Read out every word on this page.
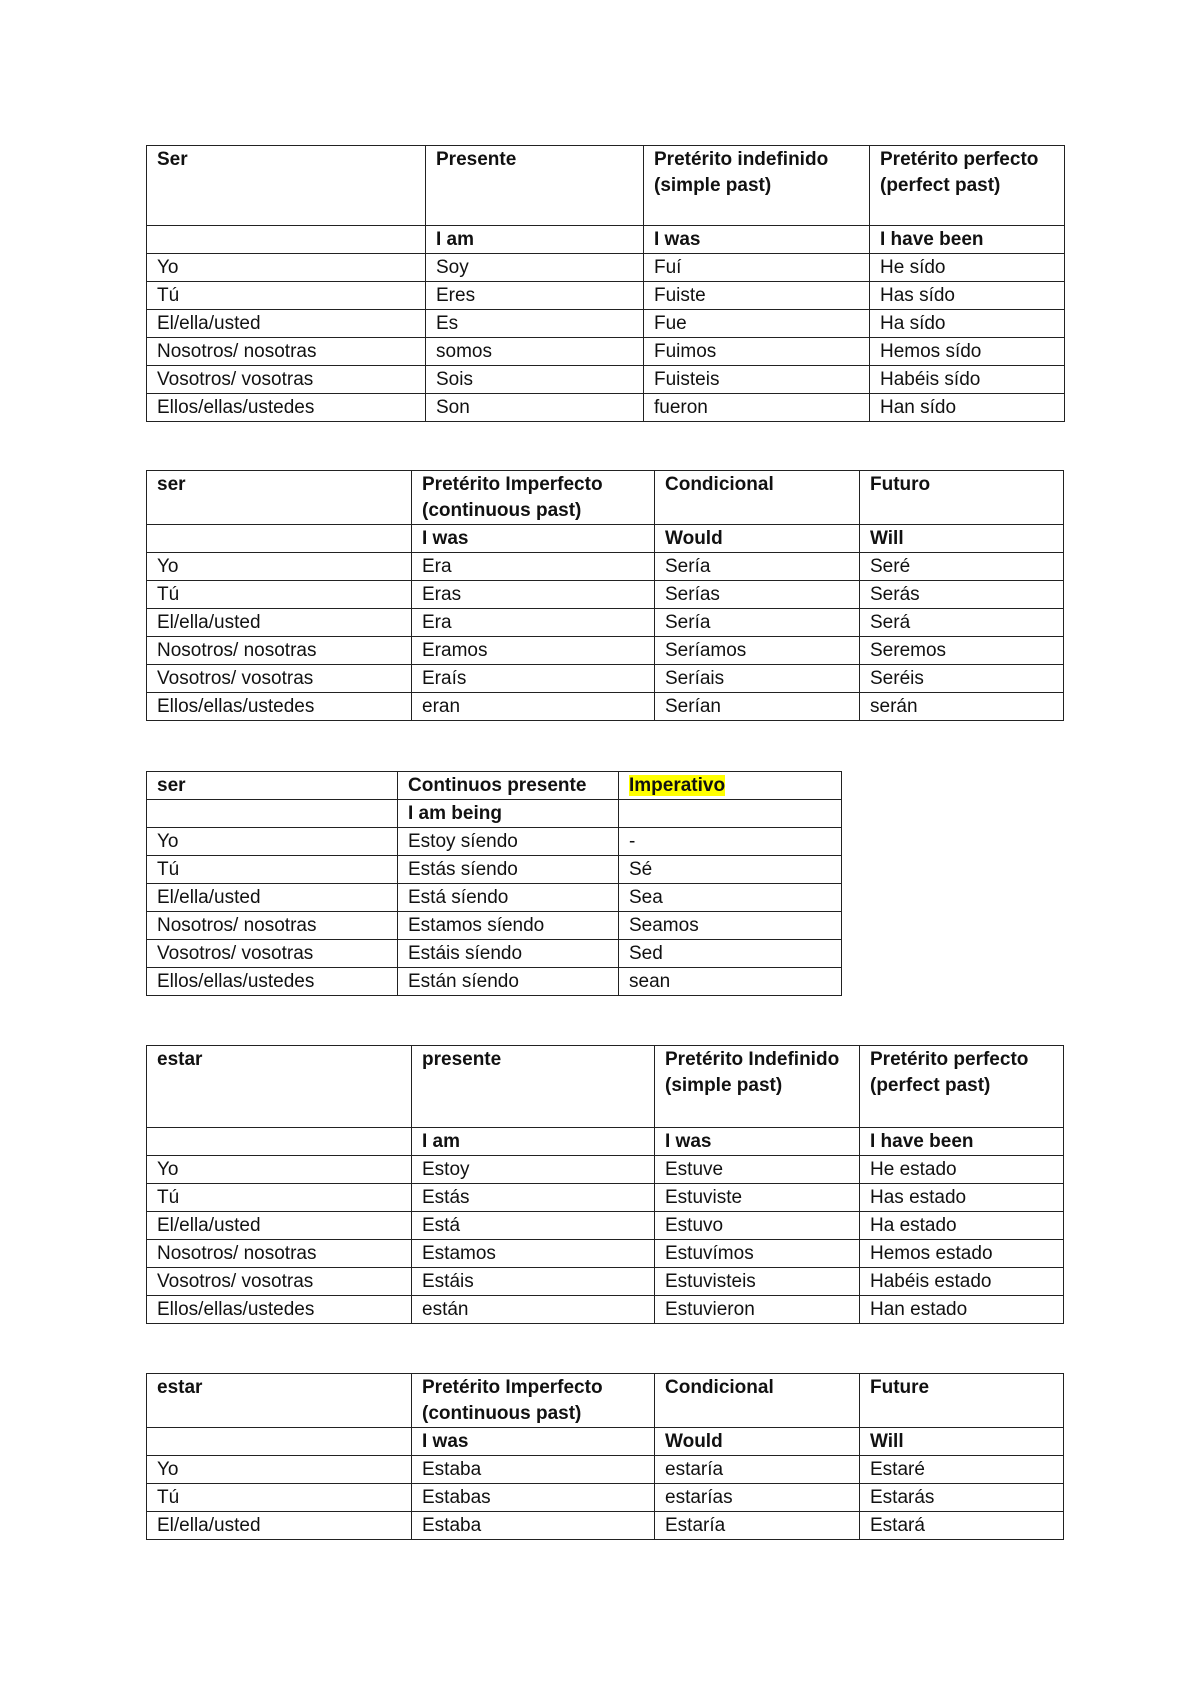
Ser	Presente	Pretérito indefinido (simple past)	Pretérito perfecto (perfect past)
	I am	I was	I have been
Yo	Soy	Fuí	He sído
Tú	Eres	Fuiste	Has sído
El/ella/usted	Es	Fue	Ha sído
Nosotros/ nosotras	somos	Fuimos	Hemos sído
Vosotros/ vosotras	Sois	Fuisteis	Habéis sído
Ellos/ellas/ustedes	Son	fueron	Han sído
ser	Pretérito Imperfecto (continuous past)	Condicional	Futuro
	I was	Would	Will
Yo	Era	Sería	Seré
Tú	Eras	Serías	Serás
El/ella/usted	Era	Sería	Será
Nosotros/ nosotras	Eramos	Seríamos	Seremos
Vosotros/ vosotras	Eraís	Seríais	Seréis
Ellos/ellas/ustedes	eran	Serían	serán
ser	Continuos presente	Imperativo
	I am being	
Yo	Estoy síendo	-
Tú	Estás síendo	Sé
El/ella/usted	Está síendo	Sea
Nosotros/ nosotras	Estamos síendo	Seamos
Vosotros/ vosotras	Estáis síendo	Sed
Ellos/ellas/ustedes	Están síendo	sean
estar	presente	Pretérito Indefinido (simple past)	Pretérito perfecto (perfect past)
	I am	I was	I have been
Yo	Estoy	Estuve	He estado
Tú	Estás	Estuviste	Has estado
El/ella/usted	Está	Estuvo	Ha estado
Nosotros/ nosotras	Estamos	Estuvímos	Hemos estado
Vosotros/ vosotras	Estáis	Estuvisteis	Habéis estado
Ellos/ellas/ustedes	están	Estuvieron	Han estado
estar	Pretérito Imperfecto (continuous past)	Condicional	Future
	I was	Would	Will
Yo	Estaba	estaría	Estaré
Tú	Estabas	estarías	Estarás
El/ella/usted	Estaba	Estaría	Estará
